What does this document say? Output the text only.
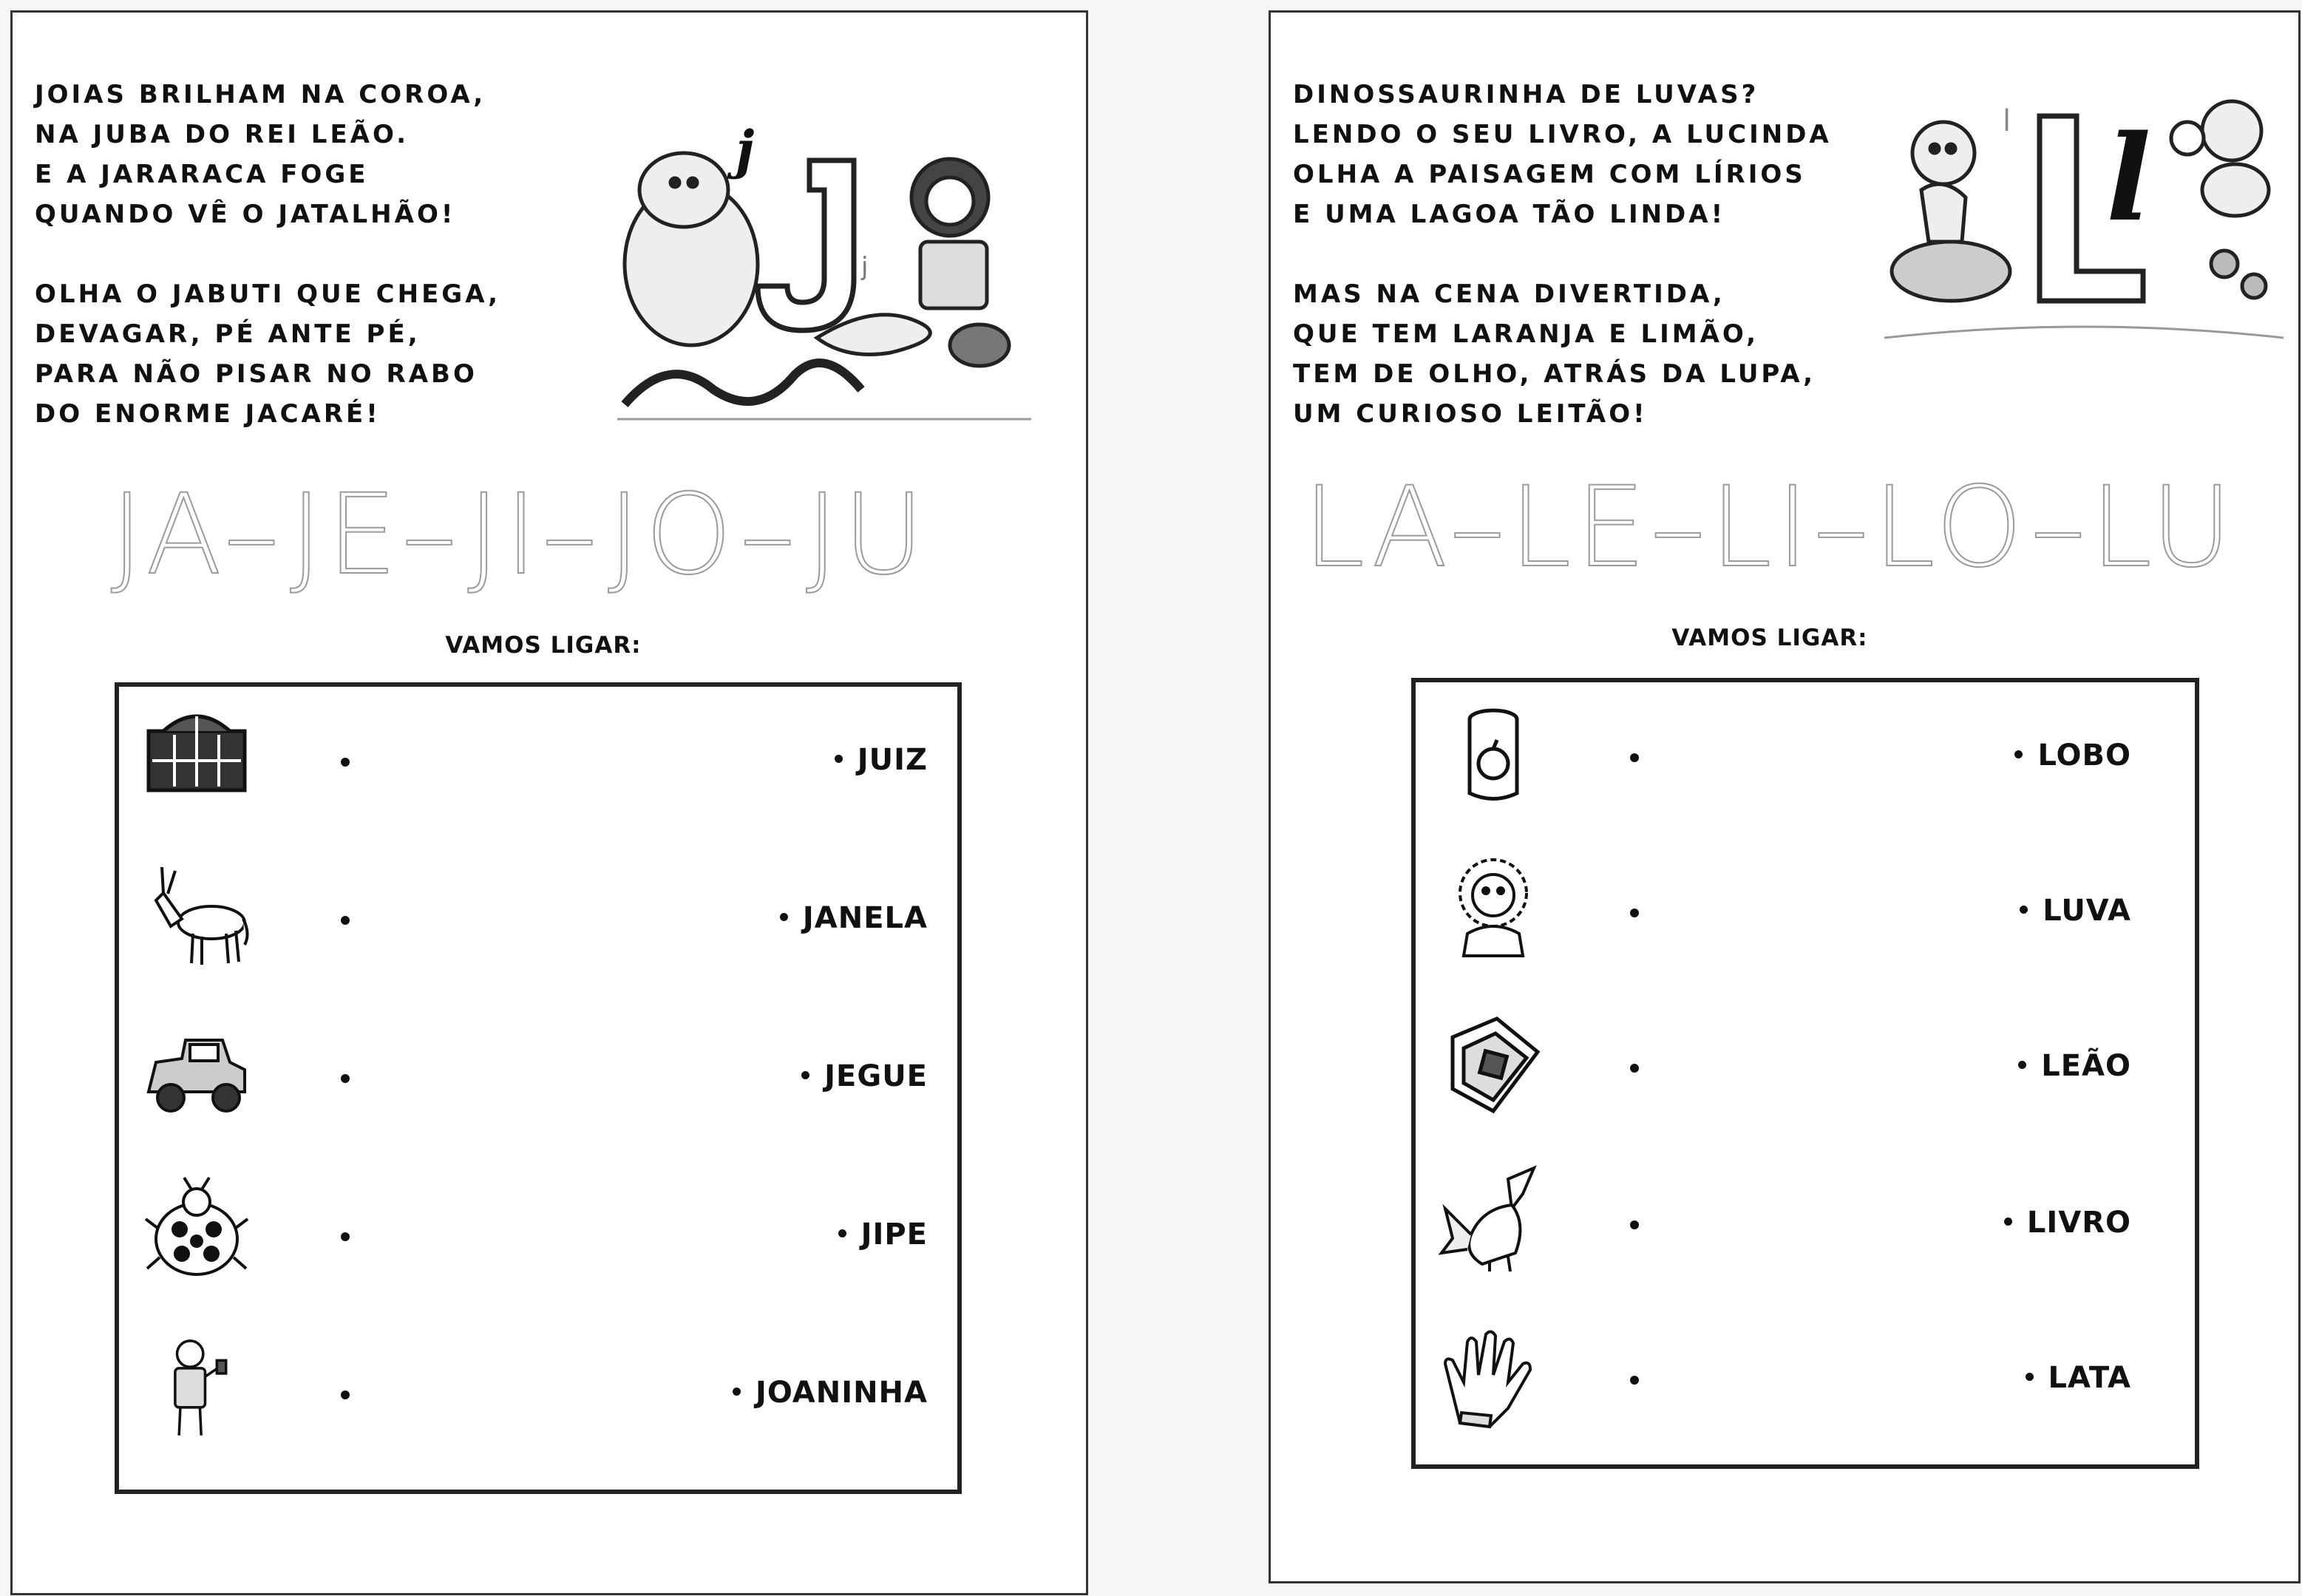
JOIAS BRILHAM NA COROA,
NA JUBA DO REI LEÃO.
E A JARARACA FOGE
QUANDO VÊ O JATALHÃO!

OLHA O JABUTI QUE CHEGA,
DEVAGAR, PÉ ANTE PÉ,
PARA NÃO PISAR NO RABO
DO ENORME JACARÉ!
j
j
JA–JE–JI–JO–JU
VAMOS LIGAR:
JUIZ
JANELA
JEGUE
JIPE
JOANINHA
DINOSSAURINHA DE LUVAS?
LENDO O SEU LIVRO, A LUCINDA
OLHA A PAISAGEM COM LÍRIOS
E UMA LAGOA TÃO LINDA!

MAS NA CENA DIVERTIDA,
QUE TEM LARANJA E LIMÃO,
TEM DE OLHO, ATRÁS DA LUPA,
UM CURIOSO LEITÃO!
l
l
LA–LE–LI–LO–LU
VAMOS LIGAR:
LOBO
LUVA
LEÃO
LIVRO
LATA
